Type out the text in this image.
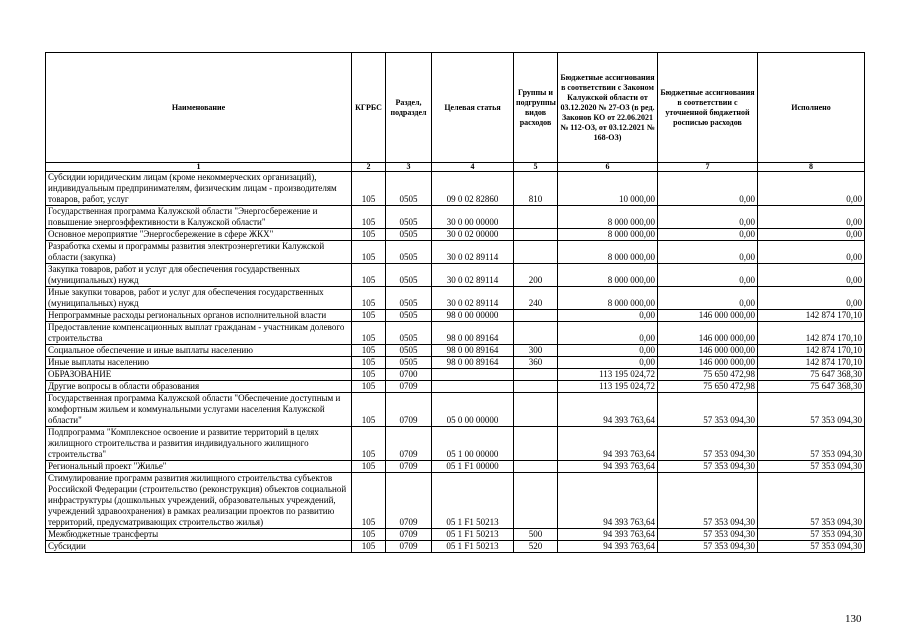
Наименование	КГРБС	Раздел, подраздел	Целевая статья	Группы и подгруппы видов расходов	Бюджетные ассигнования в соответствии с Законом Калужской области от 03.12.2020 № 27-ОЗ (в ред. Законов КО от 22.06.2021 № 112-ОЗ, от 03.12.2021 № 168-ОЗ)	Бюджетные ассигнования в соответствии с уточненной бюджетной росписью расходов	Исполнено
1	2	3	4	5	6	7	8
Субсидии юридическим лицам (кроме некоммерческих организаций), индивидуальным предпринимателям, физическим лицам - производителям товаров, работ, услуг	105	0505	09 0 02 82860	810	10 000,00	0,00	0,00
Государственная программа Калужской области "Энергосбережение и повышение энергоэффективности в Калужской области"	105	0505	30 0 00 00000		8 000 000,00	0,00	0,00
Основное мероприятие "Энергосбережение в сфере ЖКХ"	105	0505	30 0 02 00000		8 000 000,00	0,00	0,00
Разработка схемы и программы развития электроэнергетики Калужской области (закупка)	105	0505	30 0 02 89114		8 000 000,00	0,00	0,00
Закупка товаров, работ и услуг для обеспечения государственных (муниципальных) нужд	105	0505	30 0 02 89114	200	8 000 000,00	0,00	0,00
Иные закупки товаров, работ и услуг для обеспечения государственных (муниципальных) нужд	105	0505	30 0 02 89114	240	8 000 000,00	0,00	0,00
Непрограммные расходы региональных органов исполнительной власти	105	0505	98 0 00 00000		0,00	146 000 000,00	142 874 170,10
Предоставление компенсационных выплат гражданам - участникам долевого строительства	105	0505	98 0 00 89164		0,00	146 000 000,00	142 874 170,10
Социальное обеспечение и иные выплаты населению	105	0505	98 0 00 89164	300	0,00	146 000 000,00	142 874 170,10
Иные выплаты населению	105	0505	98 0 00 89164	360	0,00	146 000 000,00	142 874 170,10
ОБРАЗОВАНИЕ	105	0700			113 195 024,72	75 650 472,98	75 647 368,30
Другие вопросы в области образования	105	0709			113 195 024,72	75 650 472,98	75 647 368,30
Государственная программа Калужской области "Обеспечение доступным и комфортным жильем и коммунальными услугами населения Калужской области"	105	0709	05 0 00 00000		94 393 763,64	57 353 094,30	57 353 094,30
Подпрограмма "Комплексное освоение и развитие территорий в целях жилищного строительства и развития индивидуального жилищного строительства"	105	0709	05 1 00 00000		94 393 763,64	57 353 094,30	57 353 094,30
Региональный проект "Жилье"	105	0709	05 1 F1 00000		94 393 763,64	57 353 094,30	57 353 094,30
Стимулирование программ развития жилищного строительства субъектов Российской Федерации (строительство (реконструкция) объектов социальной инфраструктуры (дошкольных учреждений, образовательных учреждений, учреждений здравоохранения) в рамках реализации проектов по развитию территорий, предусматривающих строительство жилья)	105	0709	05 1 F1 50213		94 393 763,64	57 353 094,30	57 353 094,30
Межбюджетные трансферты	105	0709	05 1 F1 50213	500	94 393 763,64	57 353 094,30	57 353 094,30
Субсидии	105	0709	05 1 F1 50213	520	94 393 763,64	57 353 094,30	57 353 094,30
130
